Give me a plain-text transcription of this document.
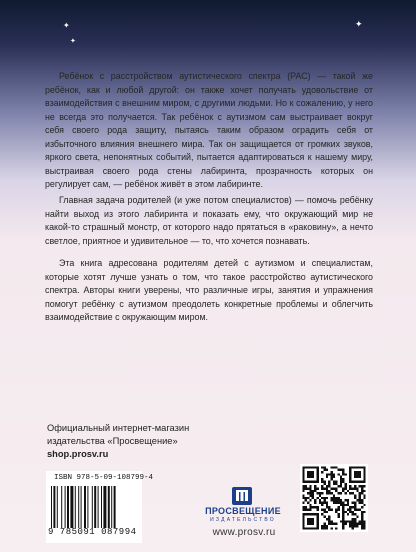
✦
✦
✦

Ребёнок с расстройством аутистического спектра (РАС) — такой же ребёнок, как и любой другой: он также хочет получать удовольствие от взаимодействия с внешним миром, с другими людьми. Но к сожалению, у него не всегда это получается. Так ребёнок с аутизмом сам выстраивает вокруг себя своего рода защиту, пытаясь таким образом оградить себя от избыточного влияния внешнего мира. Так он защищается от громких звуков, яркого света, непонятных событий, пытается адаптироваться к нашему миру, выстраивая своего рода стены лабиринта, прозрачность которых он регулирует сам, — ребёнок живёт в этом лабиринте.

Главная задача родителей (и уже потом специалистов) — помочь ребёнку найти выход из этого лабиринта и показать ему, что окружающий мир не какой-то страшный монстр, от которого надо прятаться в «раковину», а нечто светлое, приятное и удивительное — то, что хочется познавать.

Эта книга адресована родителям детей с аутизмом и специалистам, которые хотят лучше узнать о том, что такое расстройство аутистического спектра. Авторы книги уверены, что различные игры, занятия и упражнения помогут ребёнку с аутизмом преодолеть конкретные проблемы и облегчить взаимодействие с окружающим миром.

Официальный интернет-магазин
издательства «Просвещение»
shop.prosv.ru
ISBN 978-5-09-108799-4
9 785091 087994
ПРОСВЕЩЕНИЕ
ИЗДАТЕЛЬСТВО
www.prosv.ru
